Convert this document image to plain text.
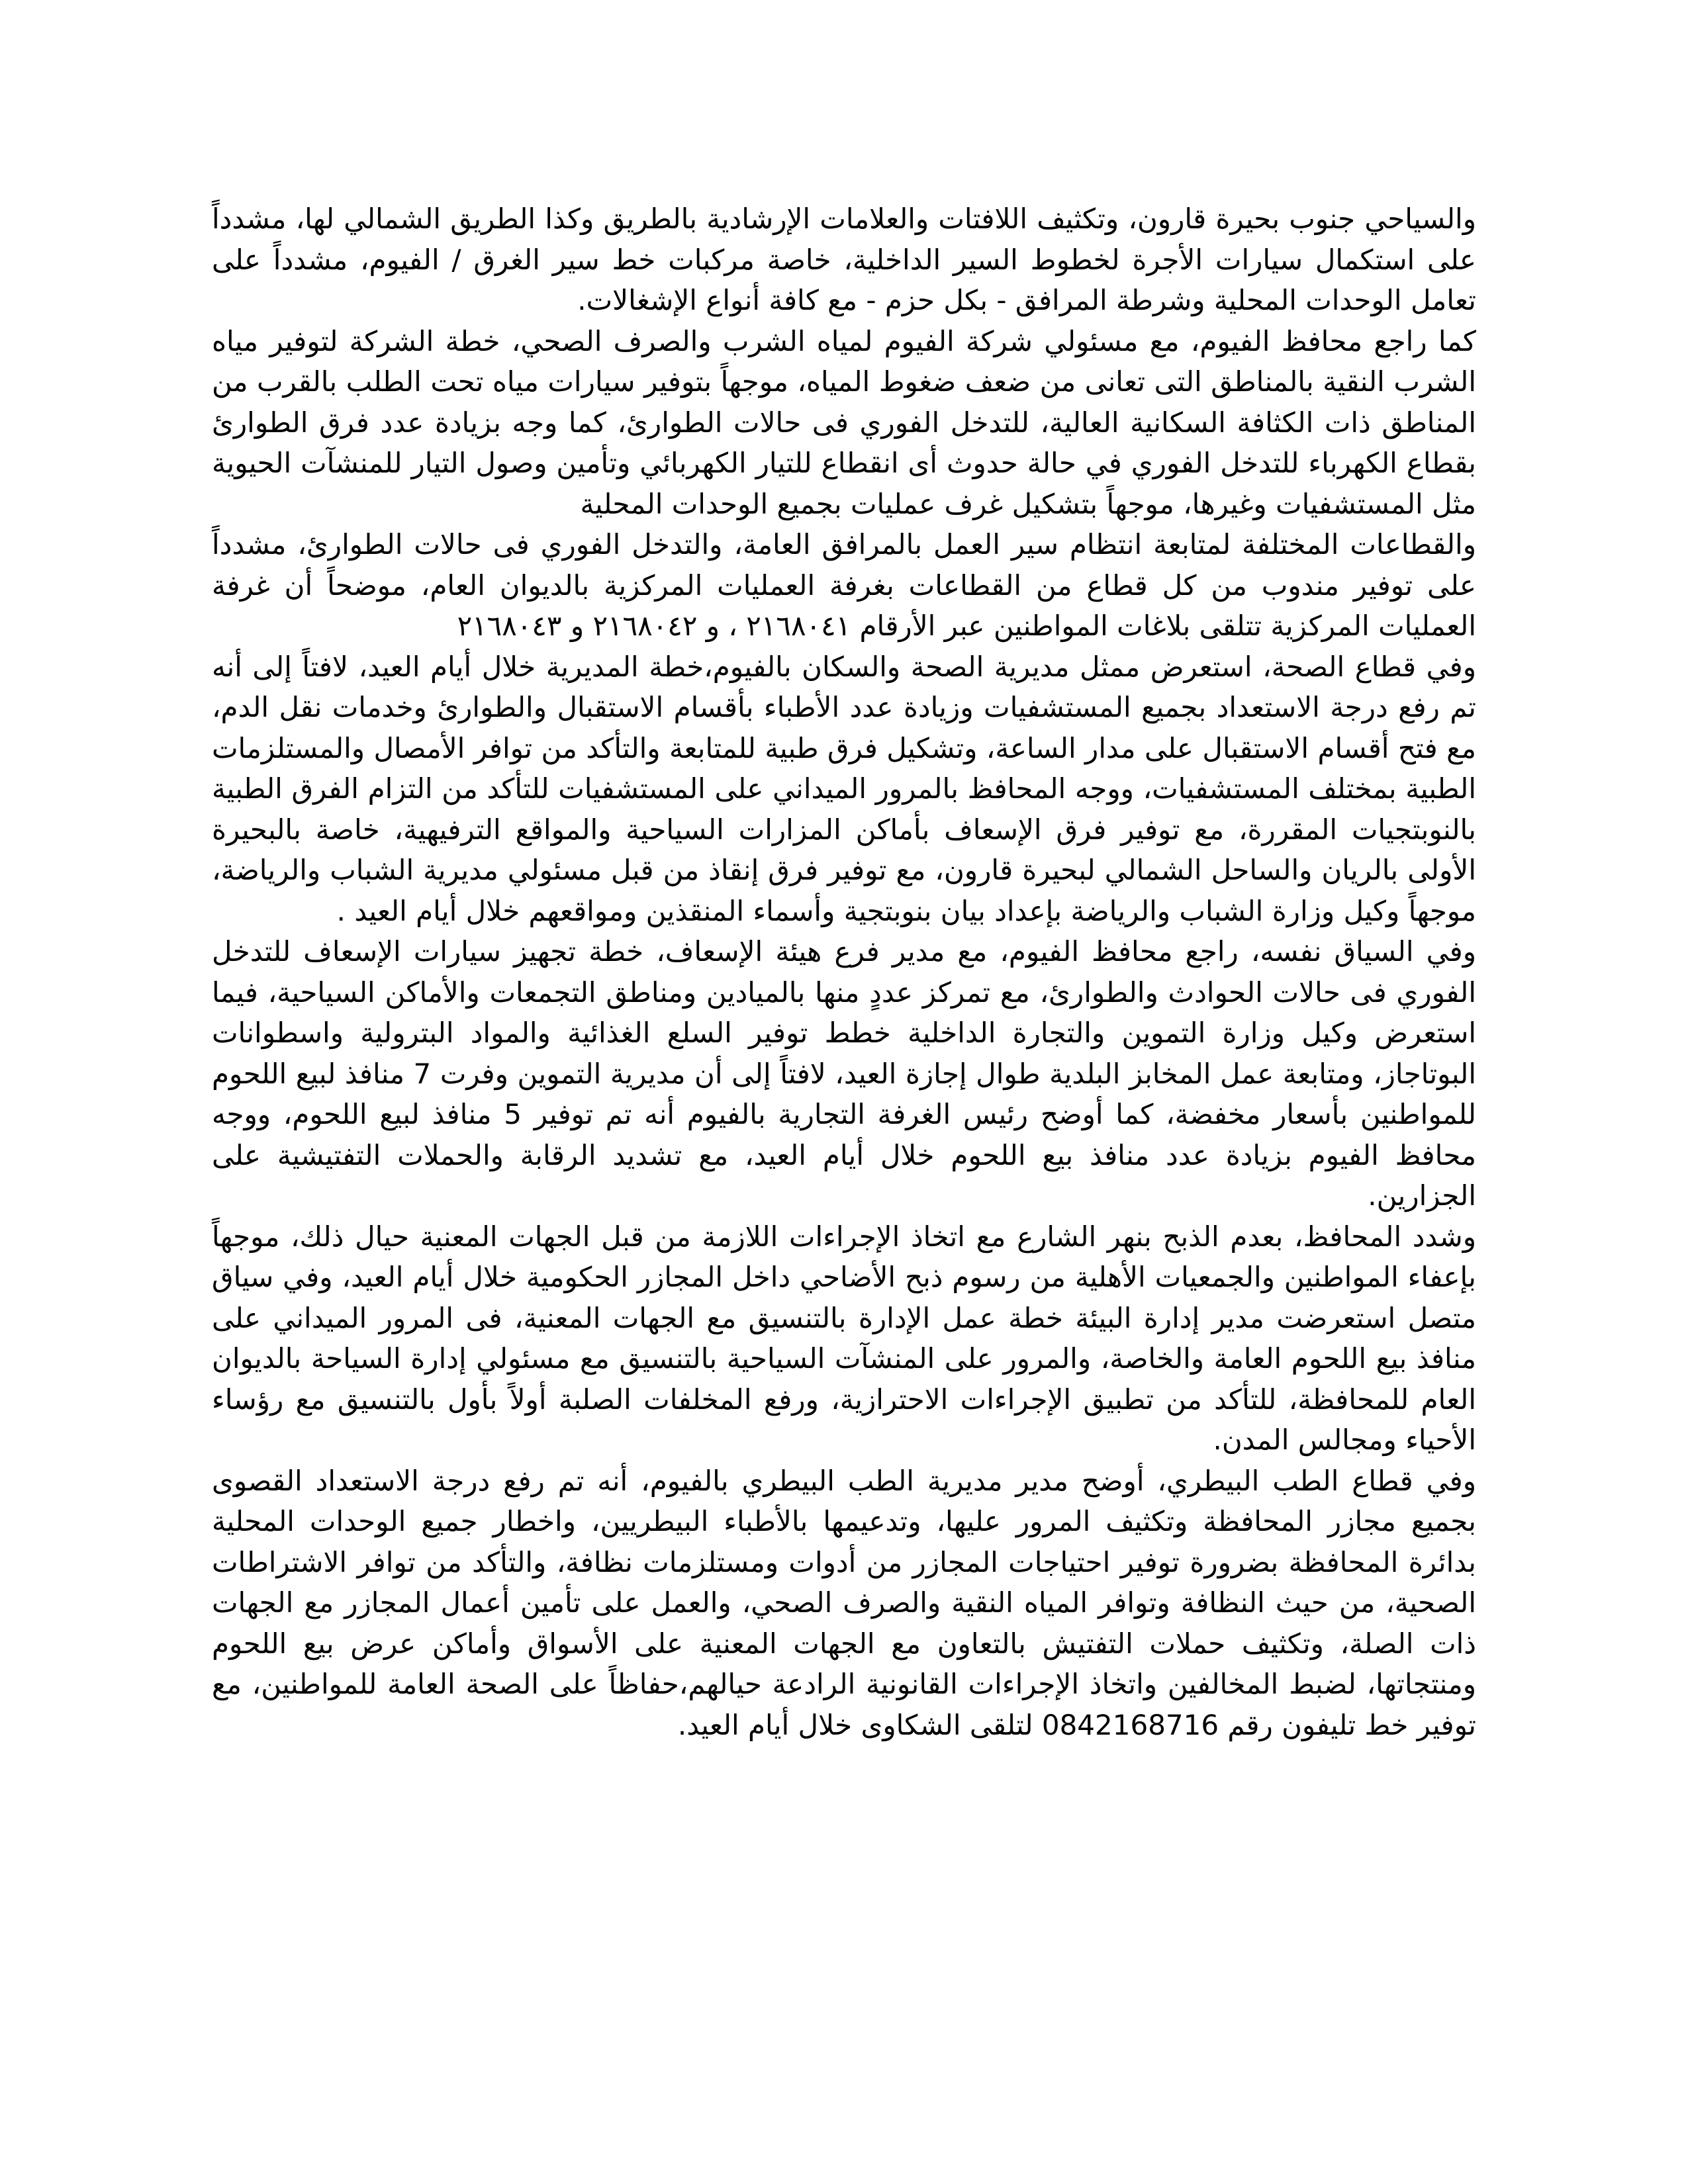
والسياحي جنوب بحيرة قارون، وتكثيف اللافتات والعلامات الإرشادية بالطريق وكذا الطريق الشمالي لها، مشدداً على استكمال سيارات الأجرة لخطوط السير الداخلية، خاصة مركبات خط سير الغرق / الفيوم، مشدداً على تعامل الوحدات المحلية وشرطة المرافق - بكل حزم - مع كافة أنواع الإشغالات.

كما راجع محافظ الفيوم، مع مسئولي شركة الفيوم لمياه الشرب والصرف الصحي، خطة الشركة لتوفير مياه الشرب النقية بالمناطق التى تعانى من ضعف ضغوط المياه، موجهاً بتوفير سيارات مياه تحت الطلب بالقرب من المناطق ذات الكثافة السكانية العالية، للتدخل الفوري فى حالات الطوارئ، كما وجه بزيادة عدد فرق الطوارئ بقطاع الكهرباء للتدخل الفوري في حالة حدوث أى انقطاع للتيار الكهربائي وتأمين وصول التيار للمنشآت الحيوية مثل المستشفيات وغيرها، موجهاً بتشكيل غرف عمليات بجميع الوحدات المحلية

والقطاعات المختلفة لمتابعة انتظام سير العمل بالمرافق العامة، والتدخل الفوري فى حالات الطوارئ، مشدداً على توفير مندوب من كل قطاع من القطاعات بغرفة العمليات المركزية بالديوان العام، موضحاً أن غرفة العمليات المركزية تتلقى بلاغات المواطنين عبر الأرقام ٢١٦٨٠٤١ ، و ٢١٦٨٠٤٢ و ٢١٦٨٠٤٣

وفي قطاع الصحة، استعرض ممثل مديرية الصحة والسكان بالفيوم،خطة المديرية خلال أيام العيد، لافتاً إلى أنه تم رفع درجة الاستعداد بجميع المستشفيات وزيادة عدد الأطباء بأقسام الاستقبال والطوارئ وخدمات نقل الدم، مع فتح أقسام الاستقبال على مدار الساعة، وتشكيل فرق طبية للمتابعة والتأكد من توافر الأمصال والمستلزمات الطبية بمختلف المستشفيات، ووجه المحافظ بالمرور الميداني على المستشفيات للتأكد من التزام الفرق الطبية بالنوبتجيات المقررة، مع توفير فرق الإسعاف بأماكن المزارات السياحية والمواقع الترفيهية، خاصة بالبحيرة الأولى بالريان والساحل الشمالي لبحيرة قارون، مع توفير فرق إنقاذ من قبل مسئولي مديرية الشباب والرياضة، موجهاً وكيل وزارة الشباب والرياضة بإعداد بيان بنوبتجية وأسماء المنقذين ومواقعهم خلال أيام العيد .

وفي السياق نفسه، راجع محافظ الفيوم، مع مدير فرع هيئة الإسعاف، خطة تجهيز سيارات الإسعاف للتدخل الفوري فى حالات الحوادث والطوارئ، مع تمركز عددٍ منها بالميادين ومناطق التجمعات والأماكن السياحية، فيما استعرض وكيل وزارة التموين والتجارة الداخلية خطط توفير السلع الغذائية والمواد البترولية واسطوانات البوتاجاز، ومتابعة عمل المخابز البلدية طوال إجازة العيد، لافتاً إلى أن مديرية التموين وفرت 7 منافذ لبيع اللحوم للمواطنين بأسعار مخفضة، كما أوضح رئيس الغرفة التجارية بالفيوم أنه تم توفير 5 منافذ لبيع اللحوم، ووجه محافظ الفيوم بزيادة عدد منافذ بيع اللحوم خلال أيام العيد، مع تشديد الرقابة والحملات التفتيشية على الجزارين.

وشدد المحافظ، بعدم الذبح بنهر الشارع مع اتخاذ الإجراءات اللازمة من قبل الجهات المعنية حيال ذلك، موجهاً بإعفاء المواطنين والجمعيات الأهلية من رسوم ذبح الأضاحي داخل المجازر الحكومية خلال أيام العيد، وفي سياق متصل استعرضت مدير إدارة البيئة خطة عمل الإدارة بالتنسيق مع الجهات المعنية، فى المرور الميداني على منافذ بيع اللحوم العامة والخاصة، والمرور على المنشآت السياحية بالتنسيق مع مسئولي إدارة السياحة بالديوان العام للمحافظة، للتأكد من تطبيق الإجراءات الاحترازية، ورفع المخلفات الصلبة أولاً بأول بالتنسيق مع رؤساء الأحياء ومجالس المدن.

وفي قطاع الطب البيطري، أوضح مدير مديرية الطب البيطري بالفيوم، أنه تم رفع درجة الاستعداد القصوى بجميع مجازر المحافظة وتكثيف المرور عليها، وتدعيمها بالأطباء البيطريين، واخطار جميع الوحدات المحلية بدائرة المحافظة بضرورة توفير احتياجات المجازر من أدوات ومستلزمات نظافة، والتأكد من توافر الاشتراطات الصحية، من حيث النظافة وتوافر المياه النقية والصرف الصحي، والعمل على تأمين أعمال المجازر مع الجهات ذات الصلة، وتكثيف حملات التفتيش بالتعاون مع الجهات المعنية على الأسواق وأماكن عرض بيع اللحوم ومنتجاتها، لضبط المخالفين واتخاذ الإجراءات القانونية الرادعة حيالهم،حفاظاً على الصحة العامة للمواطنين، مع توفير خط تليفون رقم 0842168716 لتلقى الشكاوى خلال أيام العيد.
